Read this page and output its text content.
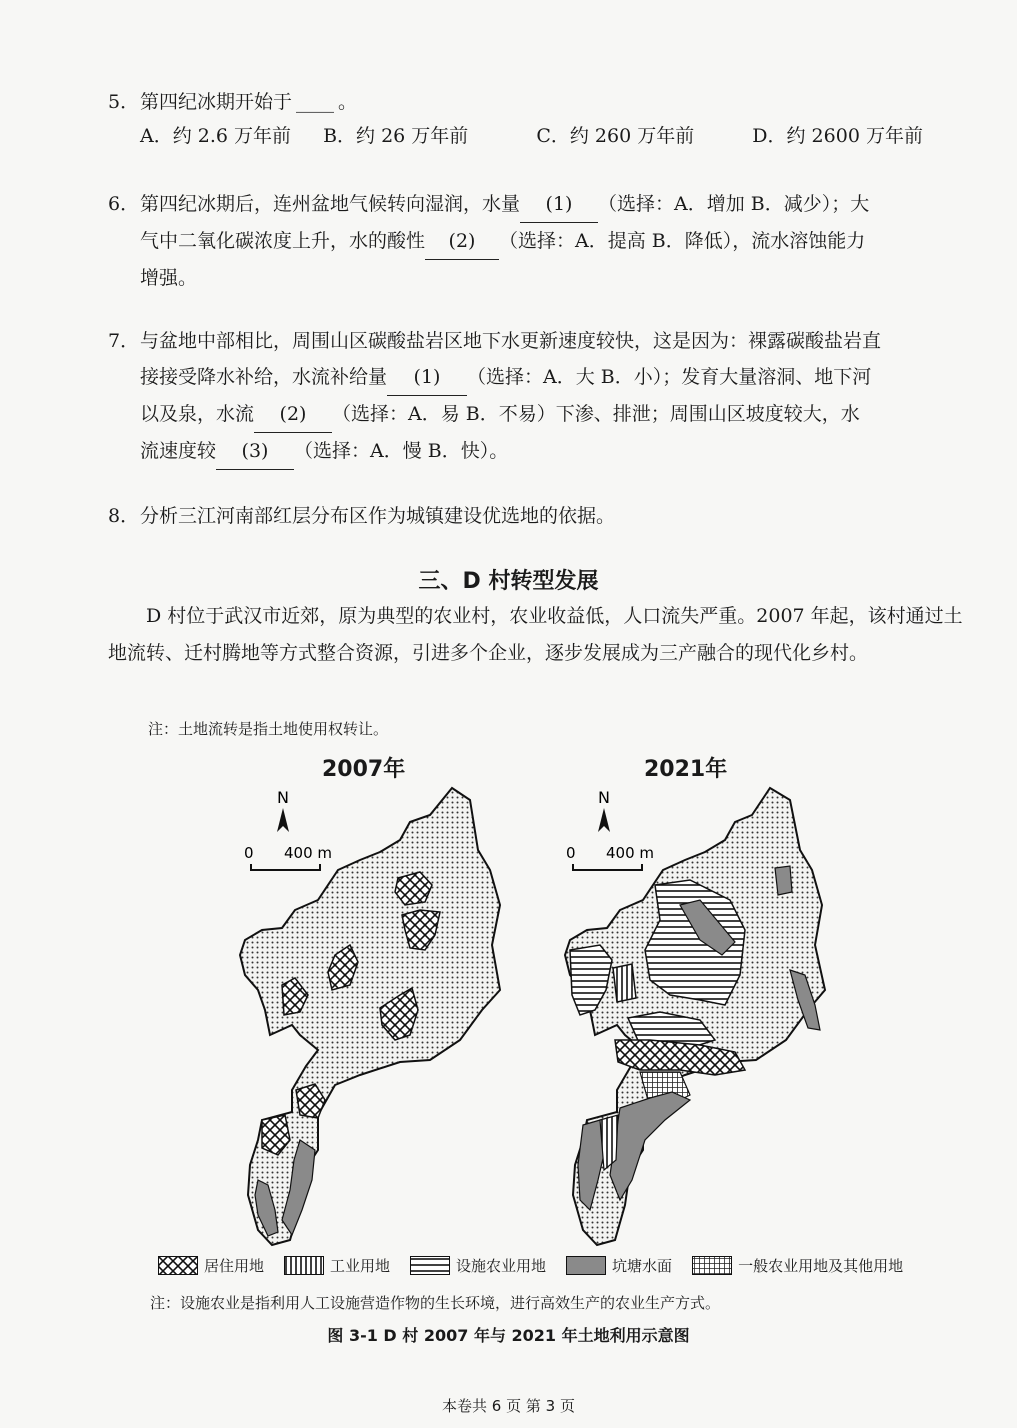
5．第四纪冰期开始于 ____ 。
A．约 2.6 万年前 B．约 26 万年前	C．约 260 万年前	D．约 2600 万年前
6．第四纪冰期后，连州盆地气候转向湿润，水量 (1) （选择：A．增加 B．减少）；大
气中二氧化碳浓度上升，水的酸性 (2) （选择：A．提高 B．降低），流水溶蚀能力
增强。
7．与盆地中部相比，周围山区碳酸盐岩区地下水更新速度较快，这是因为：裸露碳酸盐岩直
接接受降水补给，水流补给量 (1) （选择：A．大 B．小）；发育大量溶洞、地下河
以及泉，水流 (2) （选择：A．易 B．不易）下渗、排泄；周围山区坡度较大，水
流速度较 (3) （选择：A．慢 B．快）。
8．分析三江河南部红层分布区作为城镇建设优选地的依据。
三、D 村转型发展
D 村位于武汉市近郊，原为典型的农业村，农业收益低，人口流失严重。2007 年起，该村通过土地流转、迁村腾地等方式整合资源，引进多个企业，逐步发展成为三产融合的现代化乡村。
注：土地流转是指土地使用权转让。
2007年	2021年
N
0 400 m
N
0 400 m
居住用地	工业用地	设施农业用地	坑塘水面	一般农业用地及其他用地
注：设施农业是指利用人工设施营造作物的生长环境，进行高效生产的农业生产方式。
图 3-1 D 村 2007 年与 2021 年土地利用示意图
本卷共 6 页 第 3 页
